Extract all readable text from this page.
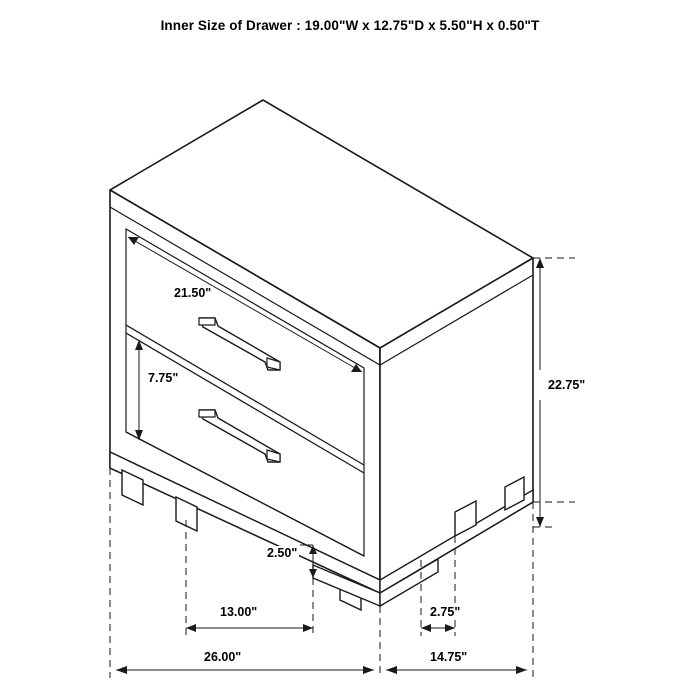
Inner Size of Drawer : 19.00"W x 12.75"D x 5.50"H x 0.50"T
21.50"
7.75"
2.50"
13.00"	2.75"
22.75"
26.00"	14.75"
